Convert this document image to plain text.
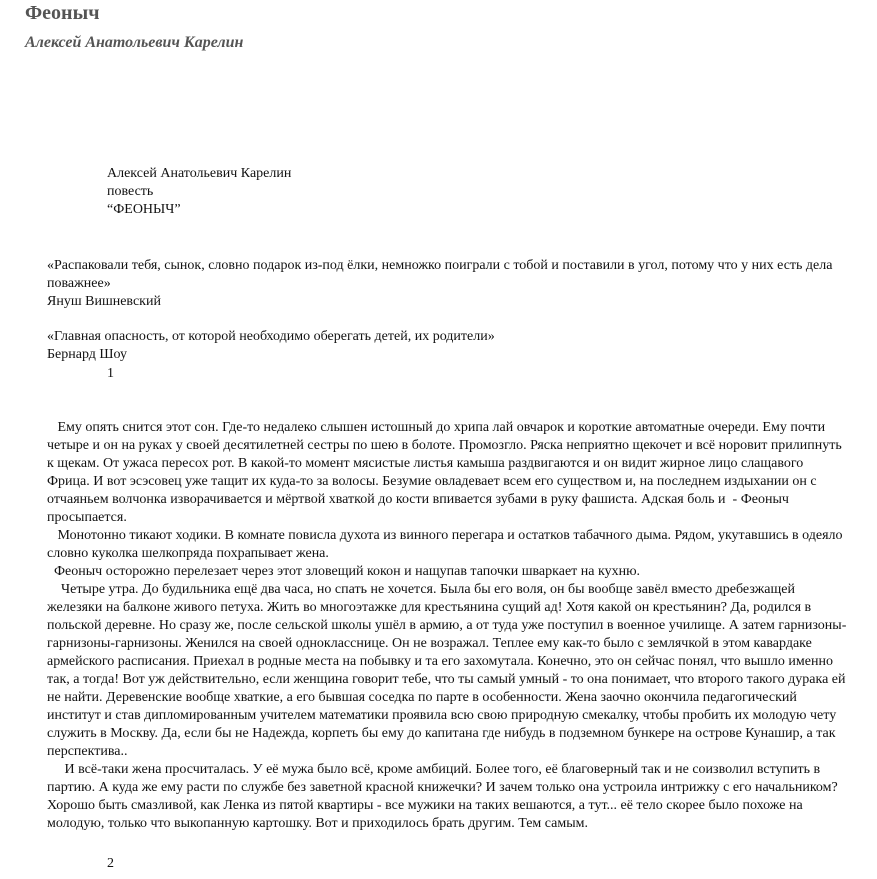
Феоныч
Алексей Анатольевич Карелин
Алексей Анатольевич Карелин
повесть
“ФЕОНЫЧ”
«Распаковали тебя, сынок, словно подарок из-под ёлки, немножко поиграли с тобой и поставили в угол, потому что у них есть дела поважнее»
Януш Вишневский
«Главная опасность, от которой необходимо оберегать детей, их родители»
Бернард Шоу
1

Ему опять снится этот сон. Где-то недалеко слышен истошный до хрипа лай овчарок и короткие автоматные очереди. Ему почти четыре и он на руках у своей десятилетней сестры по шею в болоте. Промозгло. Ряска неприятно щекочет и всё норовит прилипнуть к щекам. От ужаса пересох рот. В какой-то момент мясистые листья камыша раздвигаются и он видит жирное лицо слащавого Фрица. И вот эсэсовец уже тащит их куда-то за волосы. Безумие овладевает всем его существом и, на последнем издыхании он с отчаяньем волчонка изворачивается и мёртвой хваткой до кости впивается зубами в руку фашиста. Адская боль и  - Феоныч просыпается.

Монотонно тикают ходики. В комнате повисла духота из винного перегара и остатков табачного дыма. Рядом, укутавшись в одеяло словно куколка шелкопряда похрапывает жена.

Феоныч осторожно перелезает через этот зловещий кокон и нащупав тапочки шваркает на кухню.

Четыре утра. До будильника ещё два часа, но спать не хочется. Была бы его воля, он бы вообще завёл вместо дребезжащей железяки на балконе живого петуха. Жить во многоэтажке для крестьянина сущий ад! Хотя какой он крестьянин? Да, родился в польской деревне. Но сразу же, после сельской школы ушёл в армию, а от туда уже поступил в военное училище. А затем гарнизоны-гарнизоны-гарнизоны. Женился на своей однокласснице. Он не возражал. Теплее ему как-то было с землячкой в этом кавардаке армейского расписания. Приехал в родные места на побывку и та его захомутала. Конечно, это он сейчас понял, что вышло именно так, а тогда! Вот уж действительно, если женщина говорит тебе, что ты самый умный - то она понимает, что второго такого дурака ей не найти. Деревенские вообще хваткие, а его бывшая соседка по парте в особенности. Жена заочно окончила педагогический институт и став дипломированным учителем математики проявила всю свою природную смекалку, чтобы пробить их молодую чету служить в Москву. Да, если бы не Надежда, корпеть бы ему до капитана где нибудь в подземном бункере на острове Кунашир, а так перспектива..

И всё-таки жена просчиталась. У её мужа было всё, кроме амбиций. Более того, её благоверный так и не соизволил вступить в партию. А куда же ему расти по службе без заветной красной книжечки? И зачем только она устроила интрижку с его начальником? Хорошо быть смазливой, как Ленка из пятой квартиры - все мужики на таких вешаются, а тут... её тело скорее было похоже на молодую, только что выкопанную картошку. Вот и приходилось брать другим. Тем самым.

2
